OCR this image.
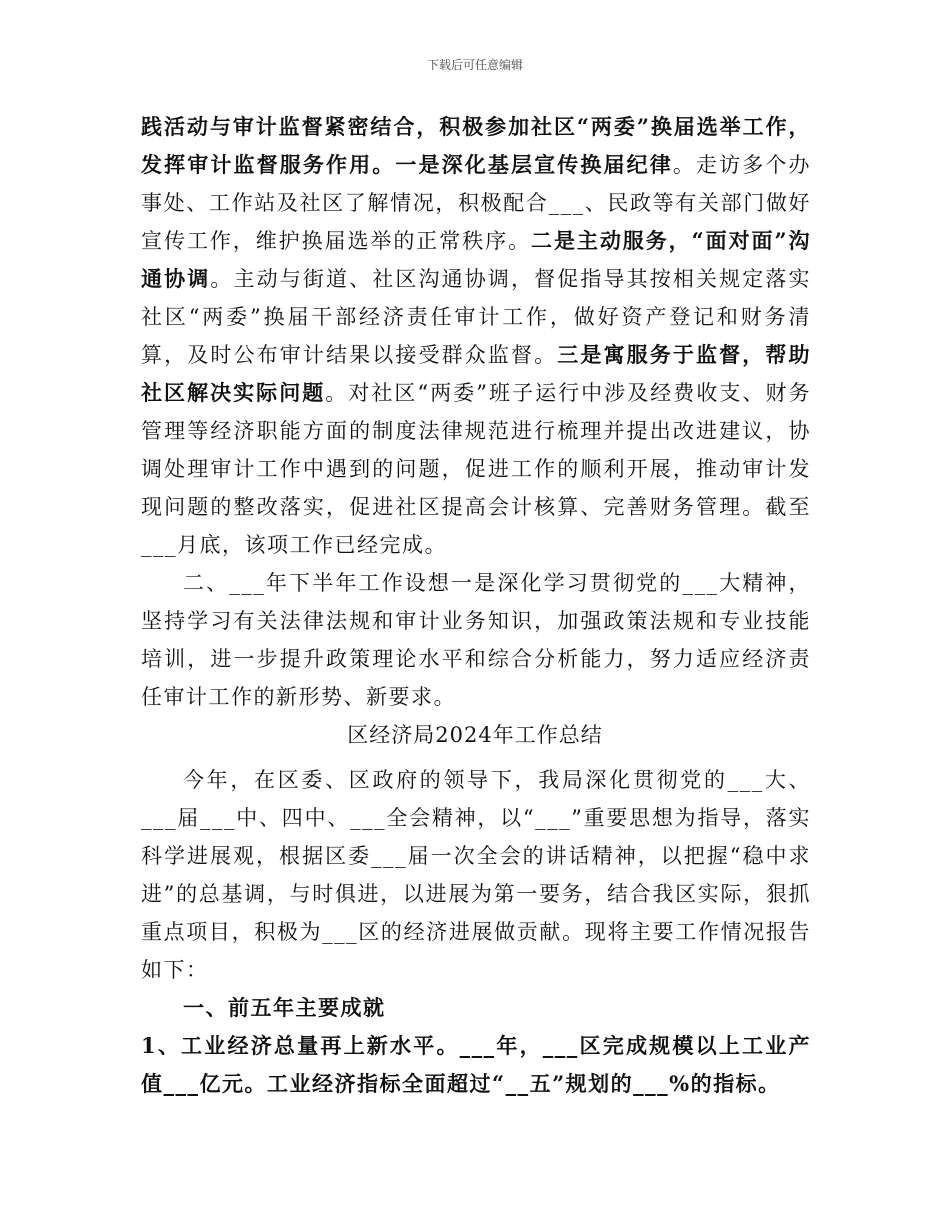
下载后可任意编辑

践活动与审计监督紧密结合，积极参加社区“两委”换届选举工作，发挥审计监督服务作用。一是深化基层宣传换届纪律。走访多个办事处、工作站及社区了解情况，积极配合___、民政等有关部门做好宣传工作，维护换届选举的正常秩序。二是主动服务，“面对面”沟通协调。主动与街道、社区沟通协调，督促指导其按相关规定落实社区“两委”换届干部经济责任审计工作，做好资产登记和财务清算，及时公布审计结果以接受群众监督。三是寓服务于监督，帮助社区解决实际问题。对社区“两委”班子运行中涉及经费收支、财务管理等经济职能方面的制度法律规范进行梳理并提出改进建议，协调处理审计工作中遇到的问题，促进工作的顺利开展，推动审计发现问题的整改落实，促进社区提高会计核算、完善财务管理。截至___月底，该项工作已经完成。

二、___年下半年工作设想一是深化学习贯彻党的___大精神，坚持学习有关法律法规和审计业务知识，加强政策法规和专业技能培训，进一步提升政策理论水平和综合分析能力，努力适应经济责任审计工作的新形势、新要求。

区经济局2024年工作总结

今年，在区委、区政府的领导下，我局深化贯彻党的___大、___届___中、四中、___全会精神，以“___”重要思想为指导，落实科学进展观，根据区委___届一次全会的讲话精神，以把握“稳中求进”的总基调，与时俱进，以进展为第一要务，结合我区实际，狠抓重点项目，积极为___区的经济进展做贡献。现将主要工作情况报告如下：

一、前五年主要成就

1、工业经济总量再上新水平。___年，___区完成规模以上工业产值___亿元。工业经济指标全面超过“__五”规划的___%的指标。
